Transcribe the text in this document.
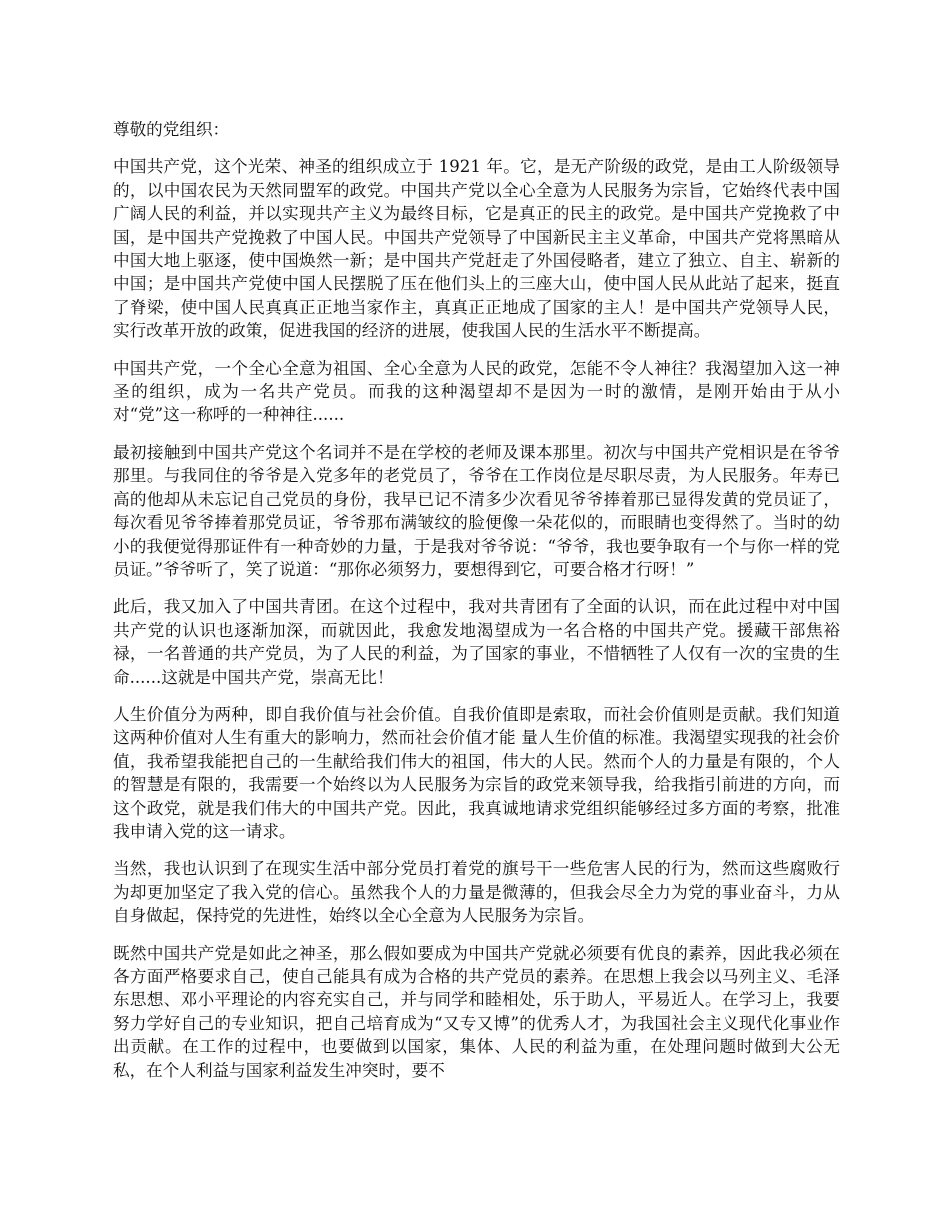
尊敬的党组织：

中国共产党，这个光荣、神圣的组织成立于 1921 年。它，是无产阶级的政党，是由工人阶级领导的，以中国农民为天然同盟军的政党。中国共产党以全心全意为人民服务为宗旨，它始终代表中国广阔人民的利益，并以实现共产主义为最终目标，它是真正的民主的政党。是中国共产党挽救了中国，是中国共产党挽救了中国人民。中国共产党领导了中国新民主主义革命，中国共产党将黑暗从中国大地上驱逐，使中国焕然一新；是中国共产党赶走了外国侵略者，建立了独立、自主、崭新的中国；是中国共产党使中国人民摆脱了压在他们头上的三座大山，使中国人民从此站了起来，挺直了脊梁，使中国人民真真正正地当家作主，真真正正地成了国家的主人！是中国共产党领导人民，实行改革开放的政策，促进我国的经济的进展，使我国人民的生活水平不断提高。

中国共产党，一个全心全意为祖国、全心全意为人民的政党，怎能不令人神往？我渴望加入这一神圣的组织，成为一名共产党员。而我的这种渴望却不是因为一时的激情，是刚开始由于从小对“党”这一称呼的一种神往......

最初接触到中国共产党这个名词并不是在学校的老师及课本那里。初次与中国共产党相识是在爷爷那里。与我同住的爷爷是入党多年的老党员了，爷爷在工作岗位是尽职尽责，为人民服务。年寿已高的他却从未忘记自己党员的身份，我早已记不清多少次看见爷爷捧着那已显得发黄的党员证了，每次看见爷爷捧着那党员证，爷爷那布满皱纹的脸便像一朵花似的，而眼睛也变得然了。当时的幼小的我便觉得那证件有一种奇妙的力量，于是我对爷爷说：“爷爷，我也要争取有一个与你一样的党员证。”爷爷听了，笑了说道：“那你必须努力，要想得到它，可要合格才行呀！”

此后，我又加入了中国共青团。在这个过程中，我对共青团有了全面的认识，而在此过程中对中国共产党的认识也逐渐加深，而就因此，我愈发地渴望成为一名合格的中国共产党。援藏干部焦裕禄，一名普通的共产党员，为了人民的利益，为了国家的事业，不惜牺牲了人仅有一次的宝贵的生命......这就是中国共产党，崇高无比！

人生价值分为两种，即自我价值与社会价值。自我价值即是索取，而社会价值则是贡献。我们知道这两种价值对人生有重大的影响力，然而社会价值才能 量人生价值的标准。我渴望实现我的社会价值，我希望我能把自己的一生献给我们伟大的祖国，伟大的人民。然而个人的力量是有限的，个人的智慧是有限的，我需要一个始终以为人民服务为宗旨的政党来领导我，给我指引前进的方向，而这个政党，就是我们伟大的中国共产党。因此，我真诚地请求党组织能够经过多方面的考察，批准我申请入党的这一请求。

当然，我也认识到了在现实生活中部分党员打着党的旗号干一些危害人民的行为，然而这些腐败行为却更加坚定了我入党的信心。虽然我个人的力量是微薄的，但我会尽全力为党的事业奋斗，力从自身做起，保持党的先进性，始终以全心全意为人民服务为宗旨。

既然中国共产党是如此之神圣，那么假如要成为中国共产党就必须要有优良的素养，因此我必须在各方面严格要求自己，使自己能具有成为合格的共产党员的素养。在思想上我会以马列主义、毛泽东思想、邓小平理论的内容充实自己，并与同学和睦相处，乐于助人，平易近人。在学习上，我要努力学好自己的专业知识，把自己培育成为“又专又博”的优秀人才，为我国社会主义现代化事业作出贡献。在工作的过程中，也要做到以国家，集体、人民的利益为重，在处理问题时做到大公无私，在个人利益与国家利益发生冲突时，要不
